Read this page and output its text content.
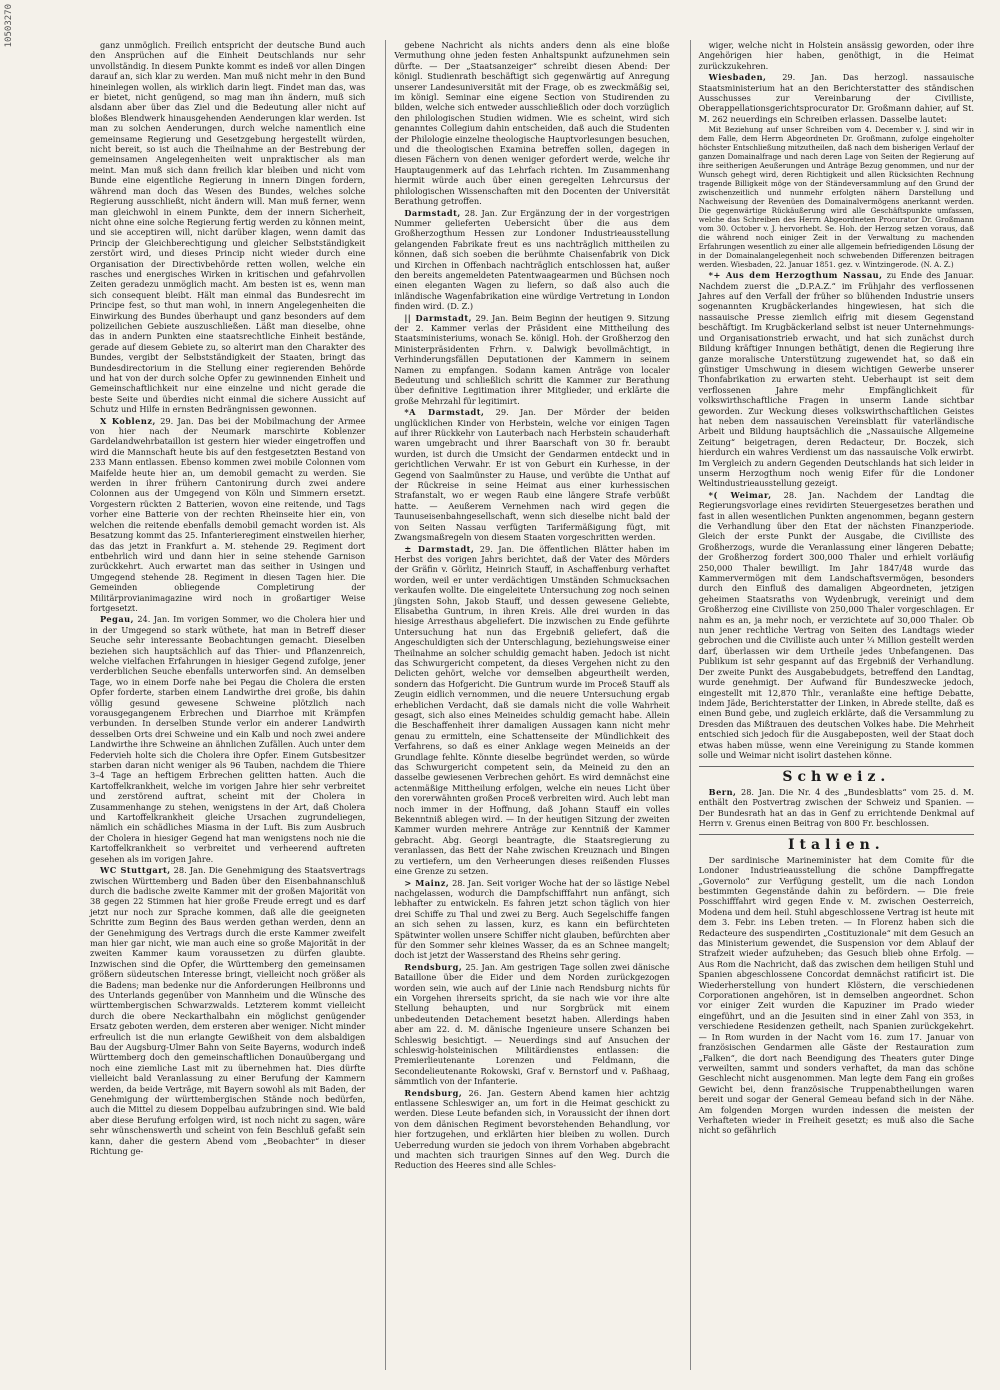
10503270	ganz unmöglich. Freilich entspricht der deutsche Bund auch den Ansprüchen auf die Einheit Deutschlands nur sehr unvollständig. In diesem Punkte kommt es indeß vor allen Dingen darauf an, sich klar zu werden. Man muß nicht mehr in den Bund hineinlegen wollen, als wirklich darin liegt. Findet man das, was er bietet, nicht genügend, so mag man ihn ändern, muß sich alsdann aber über das Ziel und die Bedeutung aller nicht auf bloßes Blendwerk hinausgehenden Aenderungen klar werden. Ist man zu solchen Aenderungen, durch welche namentlich eine gemeinsame Regierung und Gesetzgebung hergestellt würden, nicht bereit, so ist auch die Theilnahme an der Bestrebung der gemeinsamen Angelegenheiten weit unpraktischer als man meint. Man muß sich dann freilich klar bleiben und nicht vom Bunde eine eigentliche Regierung in innern Dingen fordern, während man doch das Wesen des Bundes, welches solche Regierung ausschließt, nicht ändern will. Man muß ferner, wenn man gleichwohl in einem Punkte, dem der innern Sicherheit, nicht ohne eine solche Regierung fertig werden zu können meint, und sie acceptiren will, nicht darüber klagen, wenn damit das Princip der Gleichberechtigung und gleicher Selbstständigkeit zerstört wird, und dieses Princip nicht wieder durch eine Organisation der Directivbehörde retten wollen, welche ein rasches und energisches Wirken in kritischen und gefahrvollen Zeiten geradezu unmöglich macht. Am besten ist es, wenn man sich consequent bleibt. Hält man einmal das Bundesrecht im Principe fest, so thut man wohl, in innern Angelegenheiten die Einwirkung des Bundes überhaupt und ganz besonders auf dem polizeilichen Gebiete auszuschließen. Läßt man dieselbe, ohne das in andern Punkten eine staatsrechtliche Einheit bestände, gerade auf diesem Gebiete zu, so alterirt man den Charakter des Bundes, vergibt der Selbstständigkeit der Staaten, bringt das Bundesdirectorium in die Stellung einer regierenden Behörde und hat von der durch solche Opfer zu gewinnenden Einheit und Gemeinschaftlichkeit nur eine einzelne und nicht gerade die beste Seite und überdies nicht einmal die sichere Aussicht auf Schutz und Hilfe in ernsten Bedrängnissen gewonnen.

X Koblenz, 29. Jan. Das bei der Mobilmachung der Armee von hier nach der Neumark marschirte Koblenzer Gardelandwehrbataillon ist gestern hier wieder eingetroffen und wird die Mannschaft heute bis auf den festgesetzten Bestand von 233 Mann entlassen. Ebenso kommen zwei mobile Colonnen vom Maifelde heute hier an, um demobil gemacht zu werden. Sie werden in ihrer frühern Cantonirung durch zwei andere Colonnen aus der Umgegend von Köln und Simmern ersetzt. Vorgestern rückten 2 Batterien, wovon eine reitende, und Tags vorher eine Batterie von der rechten Rheinseite hier ein, von welchen die reitende ebenfalls demobil gemacht worden ist. Als Besatzung kommt das 25. Infanterieregiment einstweilen hierher, das das jetzt in Frankfurt a. M. stehende 29. Regiment dort entbehrlich wird und dann hier in seine stehende Garnison zurückkehrt. Auch erwartet man das seither in Usingen und Umgegend stehende 28. Regiment in diesen Tagen hier. Die Gemeinden obliegende Completirung der Militärprovianimagazine wird noch in großartiger Weise fortgesetzt.

Pegau, 24. Jan. Im vorigen Sommer, wo die Cholera hier und in der Umgegend so stark wüthete, hat man in Betreff dieser Seuche sehr interessante Beobachtungen gemacht. Dieselben beziehen sich hauptsächlich auf das Thier- und Pflanzenreich, welche vielfachen Erfahrungen in hiesiger Gegend zufolge, jener verderblichen Seuche ebenfalls unterworfen sind. An demselben Tage, wo in einem Dorfe nahe bei Pegau die Cholera die ersten Opfer forderte, starben einem Landwirthe drei große, bis dahin völlig gesund gewesene Schweine plötzlich nach vorausgegangenem Erbrechen und Diarrhoe mit Krämpfen verbunden. In derselben Stunde verlor ein anderer Landwirth desselben Orts drei Schweine und ein Kalb und noch zwei andere Landwirthe ihre Schweine an ähnlichen Zufällen. Auch unter dem Federvieh holte sich die Cholera ihre Opfer. Einem Gutsbesitzer starben daran nicht weniger als 96 Tauben, nachdem die Thiere 3–4 Tage an heftigem Erbrechen gelitten hatten. Auch die Kartoffelkrankheit, welche im vorigen Jahre hier sehr verbreitet und zerstörend auftrat, scheint mit der Cholera in Zusammenhange zu stehen, wenigstens in der Art, daß Cholera und Kartoffelkrankheit gleiche Ursachen zugrundeliegen, nämlich ein schädliches Miasma in der Luft. Bis zum Ausbruch der Cholera in hiesiger Gegend hat man wenigstens noch nie die Kartoffelkrankheit so verbreitet und verheerend auftreten gesehen als im vorigen Jahre.

WC Stuttgart, 28. Jan. Die Genehmigung des Staatsvertrags zwischen Württemberg und Baden über den Eisenbahnanschluß durch die badische zweite Kammer mit der großen Majorität von 38 gegen 22 Stimmen hat hier große Freude erregt und es darf jetzt nur noch zur Sprache kommen, daß alle die geeigneten Schritte zum Beginn des Baus werden gethan werden, denn an der Genehmigung des Vertrags durch die erste Kammer zweifelt man hier gar nicht, wie man auch eine so große Majorität in der zweiten Kammer kaum voraussetzen zu dürfen glaubte. Inzwischen sind die Opfer, die Württemberg den gemeinsamen größern südeutschen Interesse bringt, vielleicht noch größer als die Badens; man bedenke nur die Anforderungen Heilbronns und des Unterlands gegenüber von Mannheim und die Wünsche des württembergischen Schwarzwalds. Letzterem kommt vielleicht durch die obere Neckarthalbahn ein möglichst genügender Ersatz geboten werden, dem ersteren aber weniger. Nicht minder erfreulich ist die nun erlangte Gewißheit von dem alsbaldigen Bau der Augsburg-Ulmer Bahn von Seite Bayerns, wodurch indeß Württemberg doch den gemeinschaftlichen Donauübergang und noch eine ziemliche Last mit zu übernehmen hat. Dies dürfte vielleicht bald Veranlassung zu einer Berufung der Kammern werden, da beide Verträge, mit Bayern sowohl als mit Baden, der Genehmigung der württembergischen Stände noch bedürfen, auch die Mittel zu diesem Doppelbau aufzubringen sind. Wie bald aber diese Berufung erfolgen wird, ist noch nicht zu sagen, wäre sehr wünschenswerth und scheint von fein Beschluß gefaßt sein kann, daher die gestern Abend vom „Beobachter“ in dieser Richtung ge-

gebene Nachricht als nichts anders denn als eine bloße Vermuthung ohne jeden festen Anhaltspunkt aufzunehmen sein dürfte. — Der „Staatsanzeiger“ schreibt diesen Abend: Der königl. Studienrath beschäftigt sich gegenwärtig auf Anregung unserer Landesuniversität mit der Frage, ob es zweckmäßig sei, im königl. Seminar eine eigene Section von Studirenden zu bilden, welche sich entweder ausschließlich oder doch vorzüglich den philologischen Studien widmen. Wie es scheint, wird sich genanntes Collegium dahin entscheiden, daß auch die Studenten der Philologie einzelne theologische Hauptvorlesungen besuchen, und die theologischen Examina betreffen sollen, dagegen in diesen Fächern von denen weniger gefordert werde, welche ihr Hauptaugenmerk auf das Lehrfach richten. Im Zusammenhang hiermit würde auch über einen geregelten Lehrcursus der philologischen Wissenschaften mit den Docenten der Universität Berathung getroffen.

Darmstadt, 28. Jan. Zur Ergänzung der in der vorgestrigen Nummer gelieferten Uebersicht über die aus dem Großherzogthum Hessen zur Londoner Industrieausstellung gelangenden Fabrikate freut es uns nachträglich mittheilen zu können, daß sich soeben die berühmte Chaisenfabrik von Dick und Kirchen in Offenbach nachträglich entschlossen hat, außer den bereits angemeldeten Patentwaagearmen und Büchsen noch einen eleganten Wagen zu liefern, so daß also auch die inländische Wagenfabrikation eine würdige Vertretung in London finden wird. (D. Z.)

|| Darmstadt, 29. Jan. Beim Beginn der heutigen 9. Sitzung der 2. Kammer verlas der Präsident eine Mittheilung des Staatsministeriums, wonach Se. königl. Hoh. der Großherzog den Ministerpräsidenten Frhrn. v. Dalwigk bevollmächtigt, in Verhinderungsfällen Deputationen der Kammern in seinem Namen zu empfangen. Sodann kamen Anträge von localer Bedeutung und schließlich schritt die Kammer zur Berathung über definitive Legitimation ihrer Mitglieder, und erklärte die große Mehrzahl für legitimirt.

*A Darmstadt, 29. Jan. Der Mörder der beiden unglücklichen Kinder von Herbstein, welche vor einigen Tagen auf ihrer Rückkehr von Lauterbach nach Herbstein schauderhaft waren umgebracht und ihrer Baarschaft von 30 fr. beraubt wurden, ist durch die Umsicht der Gendarmen entdeckt und in gerichtlichen Verwahr. Er ist von Geburt ein Kurhesse, in der Gegend von Saalmünster zu Hause, und verübte die Unthat auf der Rückreise in seine Heimat aus einer kurhessischen Strafanstalt, wo er wegen Raub eine längere Strafe verbüßt hatte. — Aeußerem Vernehmen nach wird gegen die Taunuseisenbahngesellschaft, wenn sich dieselbe nicht bald der von Seiten Nassau verfügten Tarifermäßigung fügt, mit Zwangsmaßregeln von diesem Staaten vorgeschritten werden.

± Darmstadt, 29. Jan. Die öffentlichen Blätter haben im Herbst des vorigen Jahrs berichtet, daß der Vater des Mörders der Gräfin v. Görlitz, Heinrich Stauff, in Aschaffenburg verhaftet worden, weil er unter verdächtigen Umständen Schmucksachen verkaufen wollte. Die eingeleitete Untersuchung zog noch seinen jüngsten Sohn, Jakob Stauff, und dessen gewesene Geliebte, Elisabetha Guntrum, in ihren Kreis. Alle drei wurden in das hiesige Arresthaus abgeliefert. Die inzwischen zu Ende geführte Untersuchung hat nun das Ergebniß geliefert, daß die Angeschuldigten sich der Unterschlagung, beziehungsweise einer Theilnahme an solcher schuldig gemacht haben. Jedoch ist nicht das Schwurgericht competent, da dieses Vergehen nicht zu den Delicten gehört, welche vor demselben abgeurtheilt werden, sondern das Hofgericht. Die Guntrum wurde im Proceß Stauff als Zeugin eidlich vernommen, und die neuere Untersuchung ergab erheblichen Verdacht, daß sie damals nicht die volle Wahrheit gesagt, sich also eines Meineides schuldig gemacht habe. Allein die Beschaffenheit ihrer damaligen Aussagen kann nicht mehr genau zu ermitteln, eine Schattenseite der Mündlichkeit des Verfahrens, so daß es einer Anklage wegen Meineids an der Grundlage fehlte. Könnte dieselbe begründet werden, so würde das Schwurgericht competent sein, da Meineid zu den an dasselbe gewiesenen Verbrechen gehört. Es wird demnächst eine actenmäßige Mittheilung erfolgen, welche ein neues Licht über den vorerwähnten großen Proceß verbreiten wird. Auch lebt man noch immer in der Hoffnung, daß Johann Stauff ein volles Bekenntniß ablegen wird. — In der heutigen Sitzung der zweiten Kammer wurden mehrere Anträge zur Kenntniß der Kammer gebracht. Abg. Georgi beantragte, die Staatsregierung zu veranlassen, das Bett der Nahe zwischen Kreuznach und Bingen zu vertiefern, um den Verheerungen dieses reißenden Flusses eine Grenze zu setzen.

> Mainz, 28. Jan. Seit voriger Woche hat der so lästige Nebel nachgelassen, wodurch die Dampfschifffahrt nun anfängt, sich lebhafter zu entwickeln. Es fahren jetzt schon täglich von hier drei Schiffe zu Thal und zwei zu Berg. Auch Segelschiffe fangen an sich sehen zu lassen, kurz, es kann ein befürchteten Spätwinter wollen unsere Schiffer nicht glauben, befürchten aber für den Sommer sehr kleines Wasser, da es an Schnee mangelt; doch ist jetzt der Wasserstand des Rheins sehr gering.

Rendsburg, 25. Jan. Am gestrigen Tage sollen zwei dänische Bataillone über die Eider und dem Norden zurückgezogen worden sein, wie auch auf der Linie nach Rendsburg nichts für ein Vorgehen ihrerseits spricht, da sie nach wie vor ihre alte Stellung behaupten, und nur Sorgbrück mit einem unbedeutenden Detachement besetzt haben. Allerdings haben aber am 22. d. M. dänische Ingenieure unsere Schanzen bei Schleswig besichtigt. — Neuerdings sind auf Ansuchen der schleswig-holsteinischen Militärdienstes entlassen: die Premierlieutenante Lorenzen und Feldmann, die Secondelieutenante Rokowski, Graf v. Bernstorf und v. Paßhaag, sämmtlich von der Infanterie.

Rendsburg, 26. Jan. Gestern Abend kamen hier achtzig entlassene Schleswiger an, um fort in die Heimat geschickt zu werden. Diese Leute befanden sich, in Voraussicht der ihnen dort von dem dänischen Regiment bevorstehenden Behandlung, vor hier fortzugehen, und erklärten hier bleiben zu wollen. Durch Ueberredung wurden sie jedoch von ihrem Vorhaben abgebracht und machten sich traurigen Sinnes auf den Weg. Durch die Reduction des Heeres sind alle Schles-

wiger, welche nicht in Holstein ansässig geworden, oder ihre Angehörigen hier haben, genöthigt, in die Heimat zurückzukehren.

Wiesbaden, 29. Jan. Das herzogl. nassauische Staatsministerium hat an den Berichterstatter des ständischen Ausschusses zur Vereinbarung der Civilliste, Oberappellationsgerichtsprocurator Dr. Großmann dahier, auf St. M. 262 neuerdings ein Schreiben erlassen. Dasselbe lautet:

Mit Beziehung auf unser Schreiben vom 4. December v. J. sind wir in dem Falle, dem Herrn Abgeordneten Dr. Großmann, zufolge eingeholter höchster Entschließung mitzutheilen, daß nach dem bisherigen Verlauf der ganzen Domainalfrage und nach deren Lage von Seiten der Regierung auf ihre seitherigen Aeußerungen und Anträge Bezug genommen, und nur der Wunsch gehegt wird, deren Richtigkeit und allen Rücksichten Rechnung tragende Billigkeit möge von der Ständeversammlung auf den Grund der zwischenzeitlich und nunmehr erfolgten nähern Darstellung und Nachweisung der Revenüen des Domainalvermögens anerkannt werden. Die gegenwärtige Rückäußerung wird alle Geschäftspunkte umfassen, welche das Schreiben des Herrn Abgeordneten Procurator Dr. Großmann vom 30. October v. J. hervorhebt. Se. Hoh. der Herzog setzen voraus, daß die während noch einiger Zeit in der Verwaltung zu machenden Erfahrungen wesentlich zu einer alle allgemein befriedigenden Lösung der in der Domainalangelegenheit noch schwebenden Differenzen beitragen werden. Wiesbaden, 22. Januar 1851. gez. v. Wintzingerode. (N. A. Z.)

*+ Aus dem Herzogthum Nassau, zu Ende des Januar. Nachdem zuerst die „D.P.A.Z.“ im Frühjahr des verflossenen Jahres auf den Verfall der früher so blühenden Industrie unsers sogenannten Krugbäckerlandes hingewiesen, hat sich die nassauische Presse ziemlich eifrig mit diesem Gegenstand beschäftigt. Im Krugbäckerland selbst ist neuer Unternehmungs- und Organisationstrieb erwacht, und hat sich zunächst durch Bildung kräftiger Innungen bethätigt, denen die Regierung ihre ganze moralische Unterstützung zugewendet hat, so daß ein günstiger Umschwung in diesem wichtigen Gewerbe unserer Thonfabrikation zu erwarten steht. Ueberhaupt ist seit dem verflossenen Jahre mehr Empfänglichkeit für volkswirthschaftliche Fragen in unserm Lande sichtbar geworden. Zur Weckung dieses volkswirthschaftlichen Geistes hat neben dem nassauischen Vereinsblatt für vaterländische Arbeit und Bildung hauptsächlich die „Nassauische Allgemeine Zeitung“ beigetragen, deren Redacteur, Dr. Boczek, sich hierdurch ein wahres Verdienst um das nassauische Volk erwirbt. Im Vergleich zu andern Gegenden Deutschlands hat sich leider in unserm Herzogthum noch wenig Eifer für die Londoner Weltindustrieausstellung gezeigt.

*( Weimar, 28. Jan. Nachdem der Landtag die Regierungsvorlage eines revidirten Steuergesetzes berathen und fast in allen wesentlichen Punkten angenommen, begann gestern die Verhandlung über den Etat der nächsten Finanzperiode. Gleich der erste Punkt der Ausgabe, die Civilliste des Großherzogs, wurde die Veranlassung einer längeren Debatte; der Großherzog fordert 300,000 Thaler und erhielt vorläufig 250,000 Thaler bewilligt. Im Jahr 1847/48 wurde das Kammervermögen mit dem Landschaftsvermögen, besonders durch den Einfluß des damaligen Abgeordneten, jetzigen geheimen Staatsraths von Wydenbrugk, vereinigt und dem Großherzog eine Civilliste von 250,000 Thaler vorgeschlagen. Er nahm es an, ja mehr noch, er verzichtete auf 30,000 Thaler. Ob nun jener rechtliche Vertrag von Seiten des Landtags wieder gebrochen und die Civilliste auch unter ¼ Million gestellt werden darf, überlassen wir dem Urtheile jedes Unbefangenen. Das Publikum ist sehr gespannt auf das Ergebniß der Verhandlung. Der zweite Punkt des Ausgabebudgets, betreffend den Landtag, wurde genehmigt. Der Aufwand für Bundeszwecke jedoch, eingestellt mit 12,870 Thlr., veranlaßte eine heftige Debatte, indem Jäde, Berichterstatter der Linken, in Abrede stellte, daß es einen Bund gebe, und zugleich erklärte, daß die Versammlung zu Dresden das Mißtrauen des deutschen Volkes habe. Die Mehrheit entschied sich jedoch für die Ausgabeposten, weil der Staat doch etwas haben müsse, wenn eine Vereinigung zu Stande kommen solle und Weimar nicht isolirt dastehen könne.

Schweiz.

Bern, 28. Jan. Die Nr. 4 des „Bundesblatts“ vom 25. d. M. enthält den Postvertrag zwischen der Schweiz und Spanien. — Der Bundesrath hat an das in Genf zu errichtende Denkmal auf Herrn v. Grenus einen Beitrag von 800 Fr. beschlossen.

Italien.

Der sardinische Marineminister hat dem Comite für die Londoner Industrieausstellung die schöne Dampffregatte „Governolo“ zur Verfügung gestellt, um die nach London bestimmten Gegenstände dahin zu befördern. — Die freie Posschifffahrt wird gegen Ende v. M. zwischen Oesterreich, Modena und dem heil. Stuhl abgeschlossene Vertrag ist heute mit dem 3. Febr. ins Leben treten. — In Florenz haben sich die Redacteure des suspendirten „Costituzionale“ mit dem Gesuch an das Ministerium gewendet, die Suspension vor dem Ablauf der Strafzeit wieder aufzuheben; das Gesuch blieb ohne Erfolg. — Aus Rom die Nachricht, daß das zwischen dem heiligen Stuhl und Spanien abgeschlossene Concordat demnächst ratificirt ist. Die Wiederherstellung von hundert Klöstern, die verschiedenen Corporationen angehören, ist in demselben angeordnet. Schon vor einiger Zeit wurden die Kapuziner im Prado wieder eingeführt, und an die Jesuiten sind in einer Zahl von 353, in verschiedene Residenzen getheilt, nach Spanien zurückgekehrt. — In Rom wurden in der Nacht vom 16. zum 17. Januar von französischen Gendarmen alle Gäste der Restauration zum „Falken“, die dort nach Beendigung des Theaters guter Dinge verweilten, sammt und sonders verhaftet, da man das schöne Geschlecht nicht ausgenommen. Man legte dem Fang ein großes Gewicht bei, denn französische Truppenabtheilungen waren bereit und sogar der General Gemeau befand sich in der Nähe. Am folgenden Morgen wurden indessen die meisten der Verhafteten wieder in Freiheit gesetzt; es muß also die Sache nicht so gefährlich
